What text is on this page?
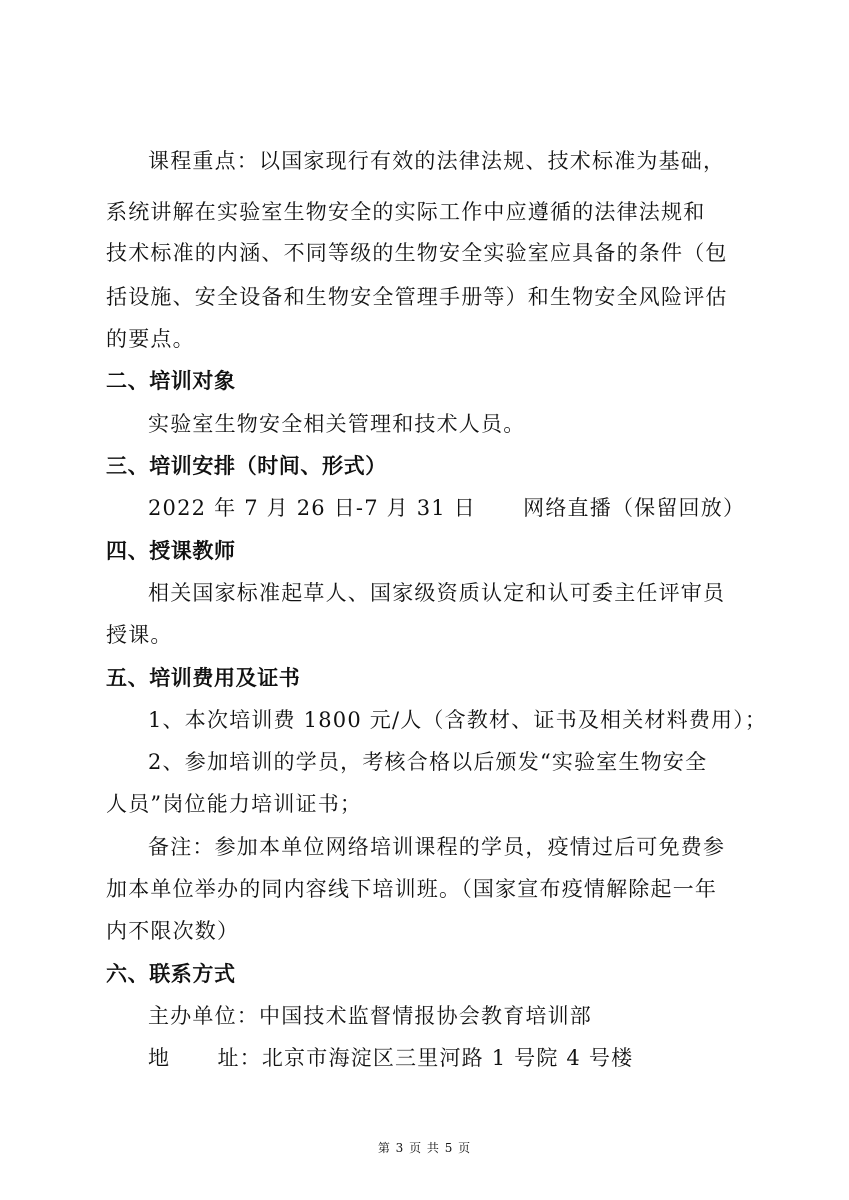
课程重点：以国家现行有效的法律法规、技术标准为基础，
系统讲解在实验室生物安全的实际工作中应遵循的法律法规和
技术标准的内涵、不同等级的生物安全实验室应具备的条件（包
括设施、安全设备和生物安全管理手册等）和生物安全风险评估
的要点。
二、培训对象
实验室生物安全相关管理和技术人员。
三、培训安排（时间、形式）
2022 年 7 月 26 日-7 月 31 日      网络直播（保留回放）
四、授课教师
相关国家标准起草人、国家级资质认定和认可委主任评审员
授课。
五、培训费用及证书
1、本次培训费 1800 元/人（含教材、证书及相关材料费用）；
2、参加培训的学员，考核合格以后颁发“实验室生物安全
人员”岗位能力培训证书；
备注：参加本单位网络培训课程的学员，疫情过后可免费参
加本单位举办的同内容线下培训班。（国家宣布疫情解除起一年
内不限次数）
六、联系方式
主办单位：中国技术监督情报协会教育培训部
地      址：北京市海淀区三里河路 1 号院 4 号楼
第 3 页 共 5 页
